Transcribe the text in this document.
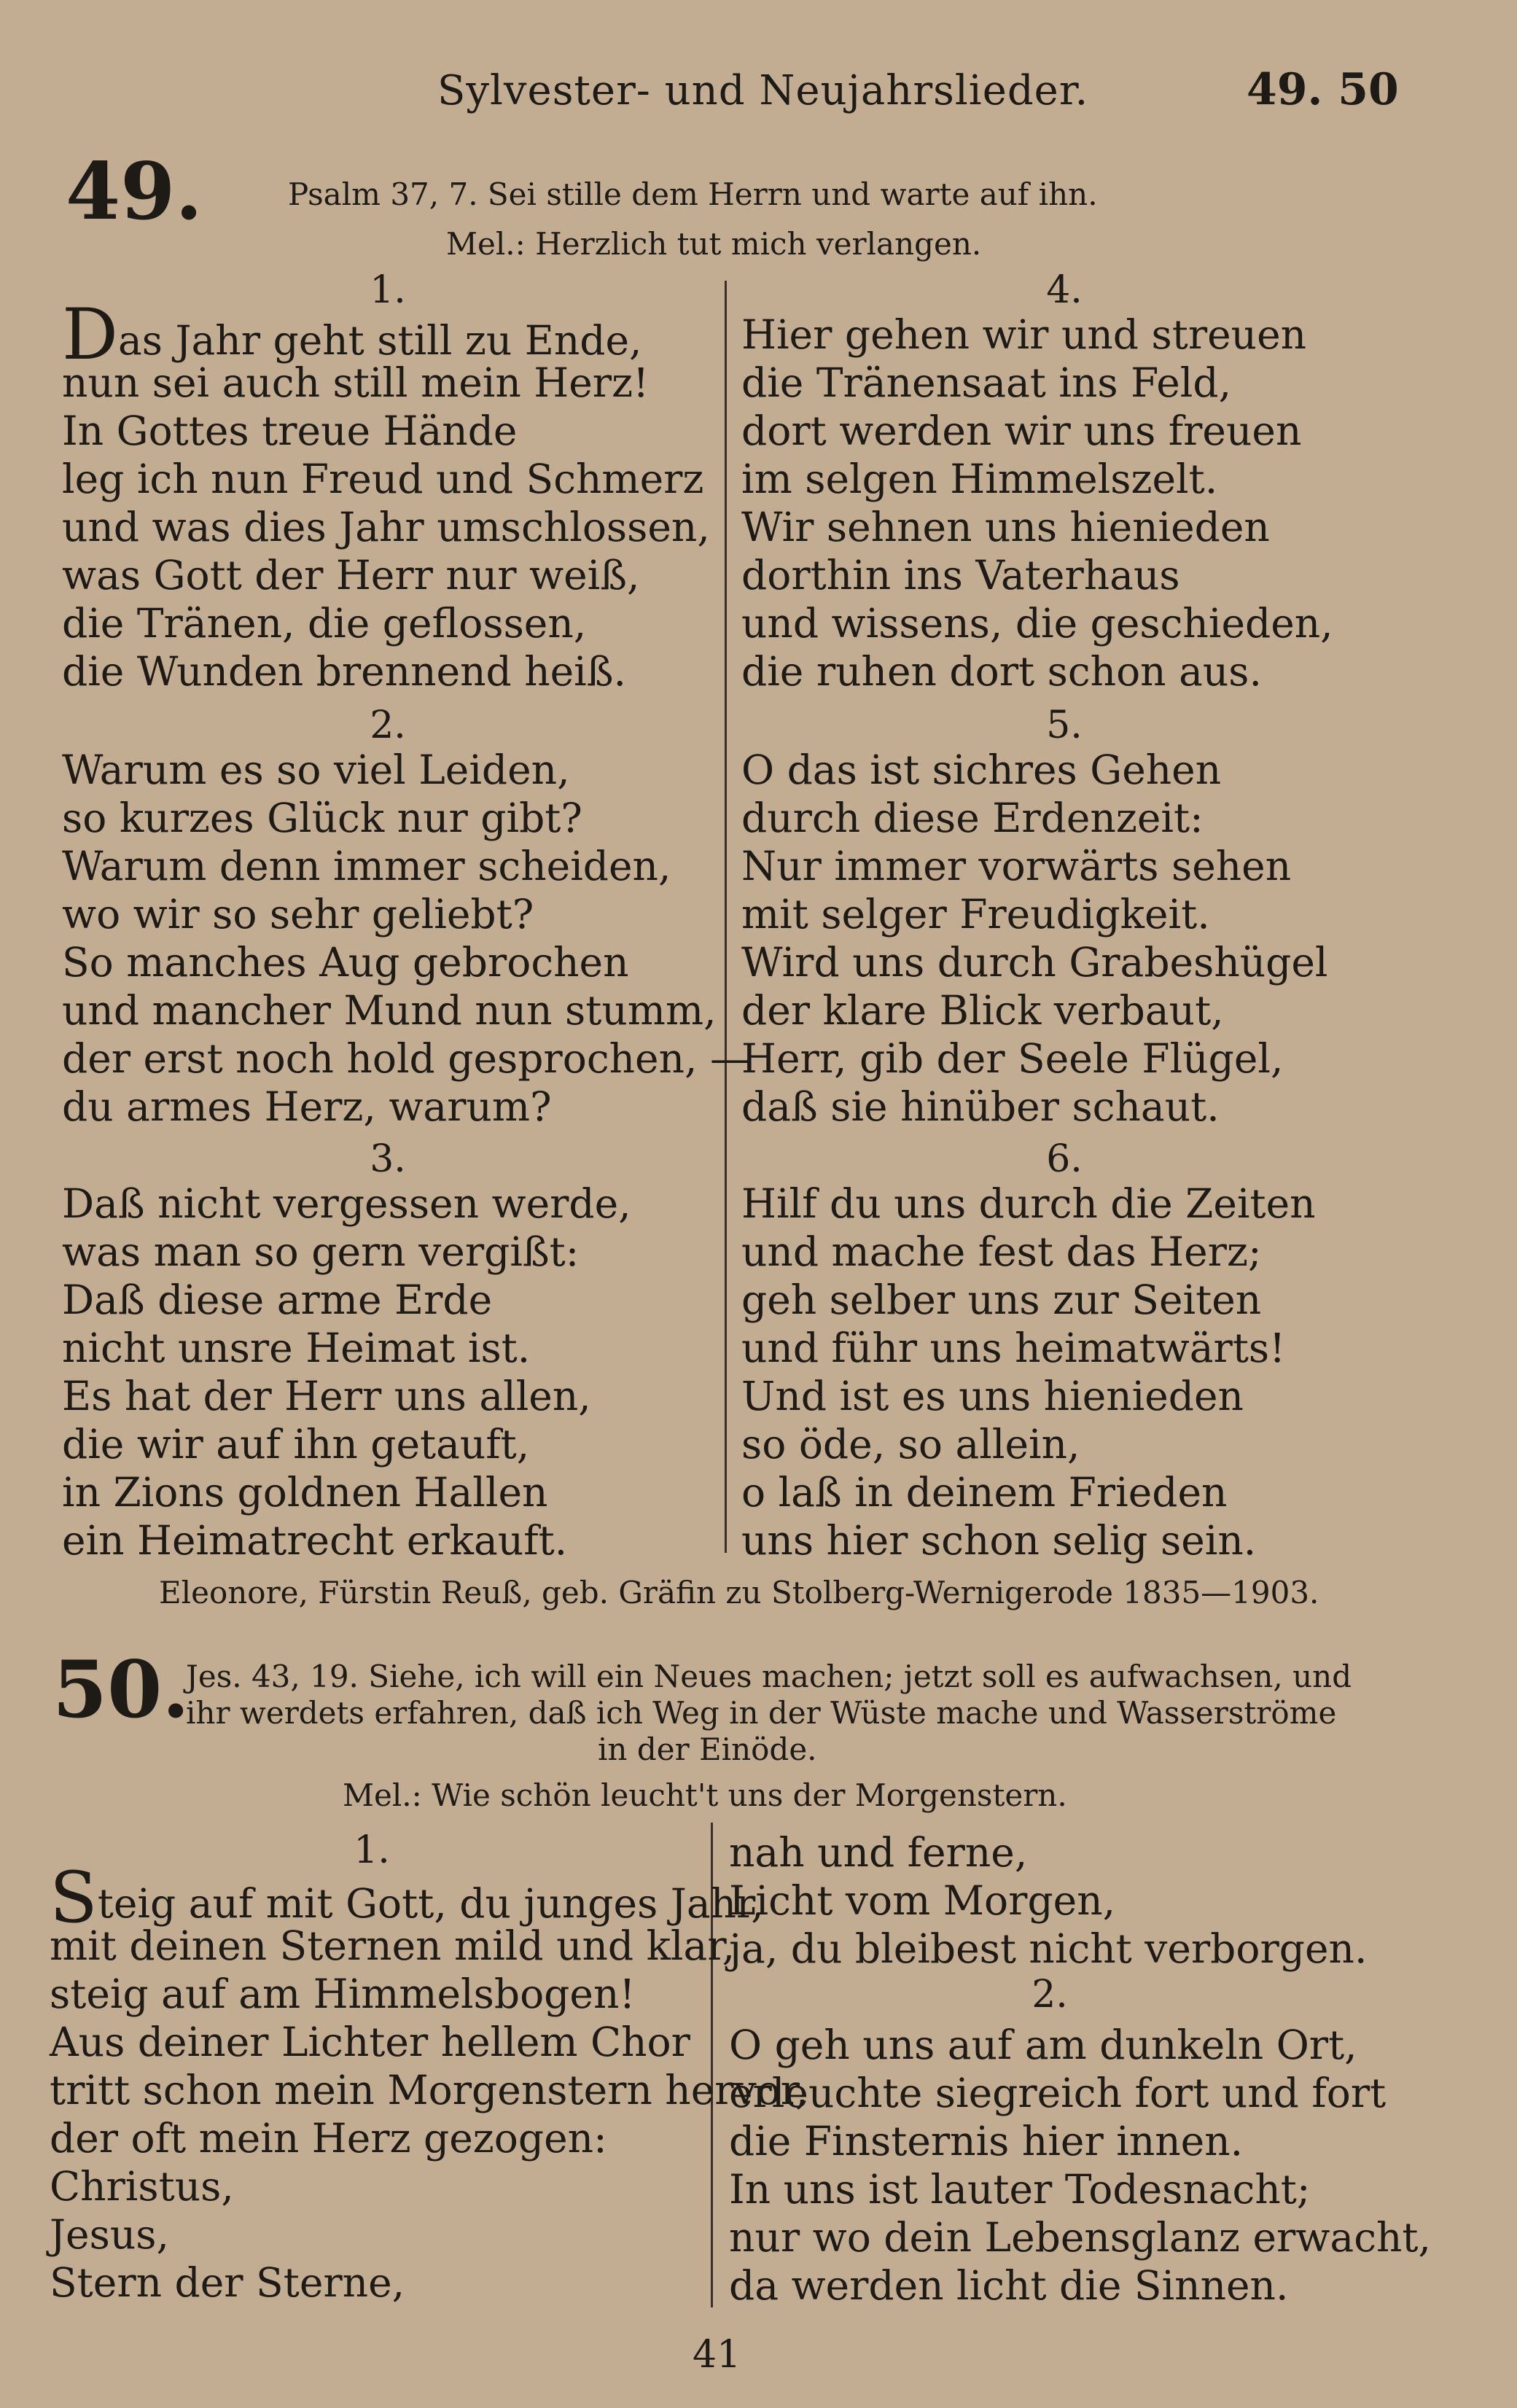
Sylvester- und Neujahrslieder.	49. 50
49.	Psalm 37, 7. Sei stille dem Herrn und warte auf ihn.
Mel.: Herzlich tut mich verlangen.
1.
Das Jahr geht still zu Ende,
nun sei auch still mein Herz!
In Gottes treue Hände
leg ich nun Freud und Schmerz
und was dies Jahr umschlossen,
was Gott der Herr nur weiß,
die Tränen, die geflossen,
die Wunden brennend heiß.
2.
Warum es so viel Leiden,
so kurzes Glück nur gibt?
Warum denn immer scheiden,
wo wir so sehr geliebt?
So manches Aug gebrochen
und mancher Mund nun stumm,
der erst noch hold gesprochen, —
du armes Herz, warum?
3.
Daß nicht vergessen werde,
was man so gern vergißt:
Daß diese arme Erde
nicht unsre Heimat ist.
Es hat der Herr uns allen,
die wir auf ihn getauft,
in Zions goldnen Hallen
ein Heimatrecht erkauft.
4.
Hier gehen wir und streuen
die Tränensaat ins Feld,
dort werden wir uns freuen
im selgen Himmelszelt.
Wir sehnen uns hienieden
dorthin ins Vaterhaus
und wissens, die geschieden,
die ruhen dort schon aus.
5.
O das ist sichres Gehen
durch diese Erdenzeit:
Nur immer vorwärts sehen
mit selger Freudigkeit.
Wird uns durch Grabeshügel
der klare Blick verbaut,
Herr, gib der Seele Flügel,
daß sie hinüber schaut.
6.
Hilf du uns durch die Zeiten
und mache fest das Herz;
geh selber uns zur Seiten
und führ uns heimatwärts!
Und ist es uns hienieden
so öde, so allein,
o laß in deinem Frieden
uns hier schon selig sein.
Eleonore, Fürstin Reuß, geb. Gräfin zu Stolberg-Wernigerode 1835—1903.
50.
Jes. 43, 19. Siehe, ich will ein Neues machen; jetzt soll es aufwachsen, und
ihr werdets erfahren, daß ich Weg in der Wüste mache und Wasserströme
in der Einöde.
Mel.: Wie schön leucht't uns der Morgenstern.
1.
Steig auf mit Gott, du junges Jahr,
mit deinen Sternen mild und klar,
steig auf am Himmelsbogen!
Aus deiner Lichter hellem Chor
tritt schon mein Morgenstern hervor,
der oft mein Herz gezogen:
Christus,
Jesus,
Stern der Sterne,
nah und ferne,
Licht vom Morgen,
ja, du bleibest nicht verborgen.
2.
O geh uns auf am dunkeln Ort,
erleuchte siegreich fort und fort
die Finsternis hier innen.
In uns ist lauter Todesnacht;
nur wo dein Lebensglanz erwacht,
da werden licht die Sinnen.
41
